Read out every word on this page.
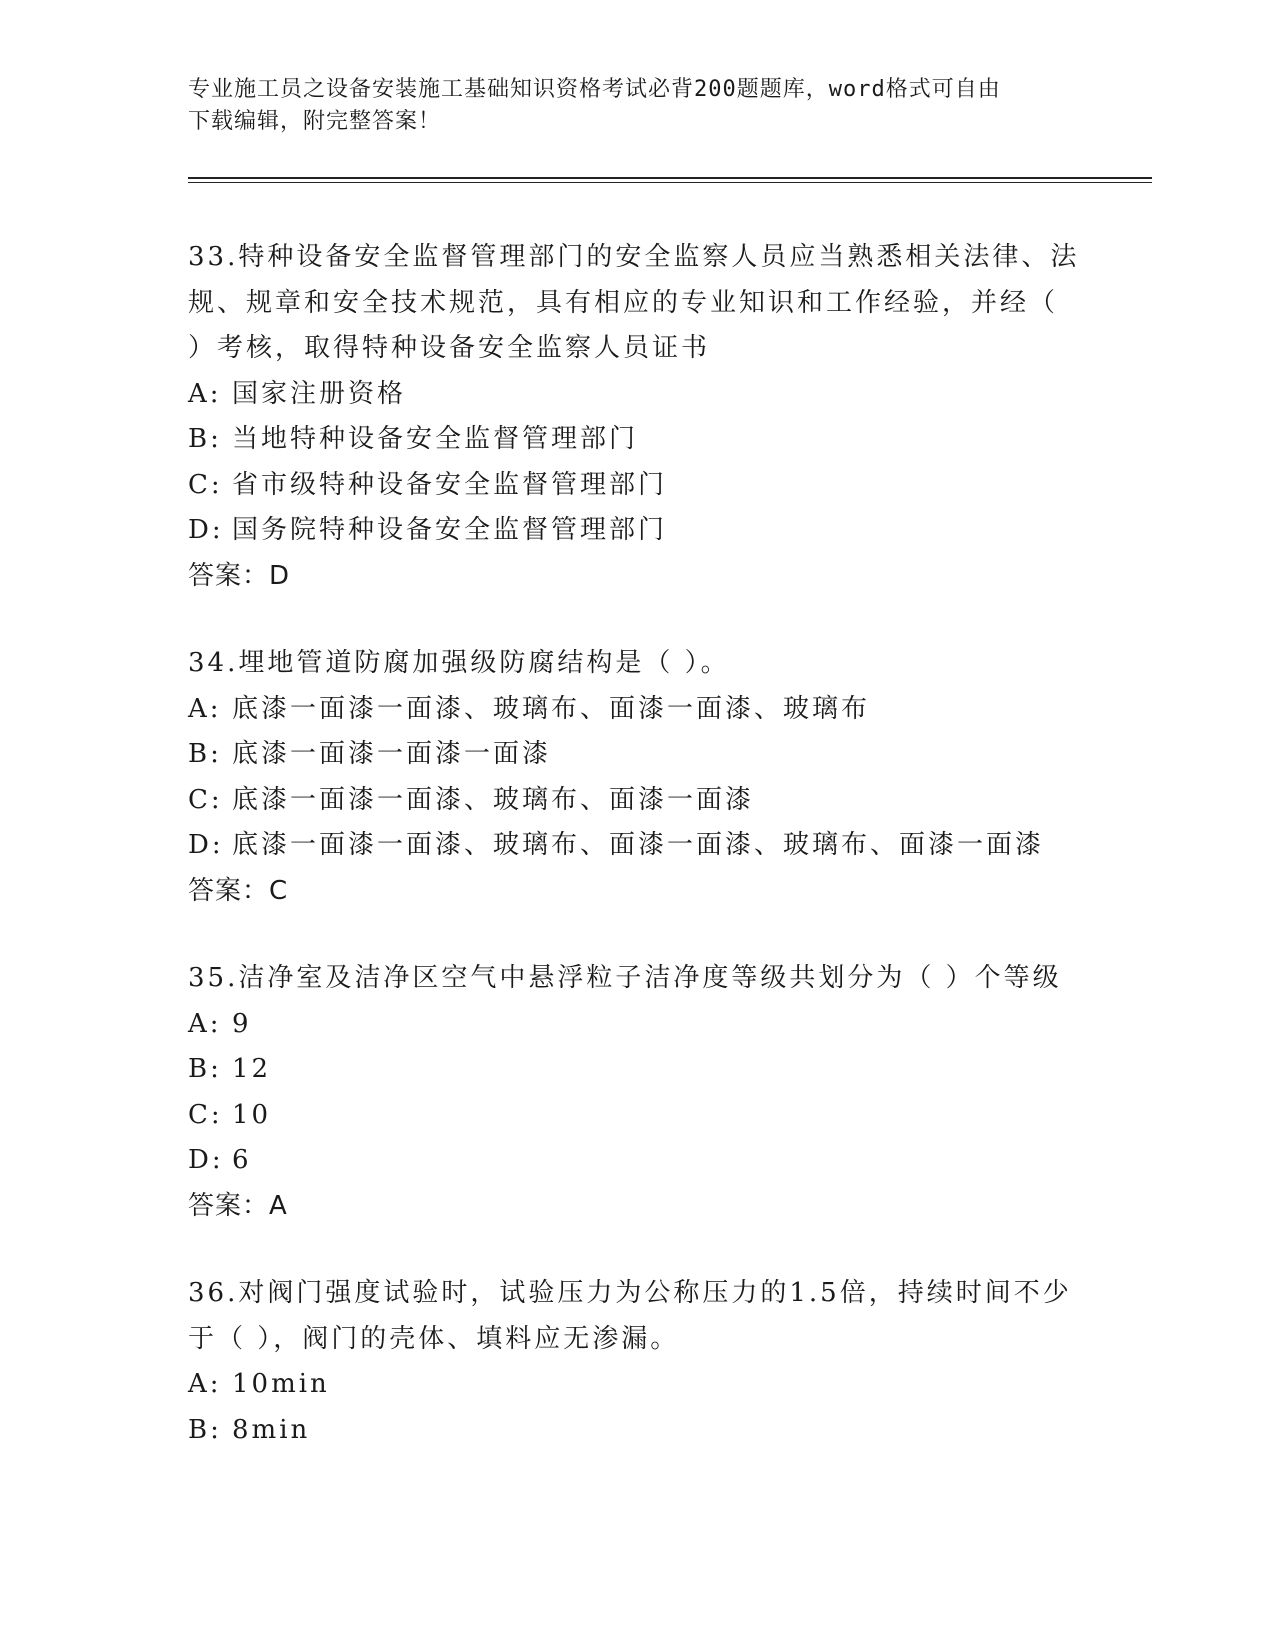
专业施工员之设备安装施工基础知识资格考试必背200题题库，word格式可自由
下载编辑，附完整答案！
33.特种设备安全监督管理部门的安全监察人员应当熟悉相关法律、法
规、规章和安全技术规范，具有相应的专业知识和工作经验，并经（
）考核，取得特种设备安全监察人员证书
A: 国家注册资格
B: 当地特种设备安全监督管理部门
C: 省市级特种设备安全监督管理部门
D: 国务院特种设备安全监督管理部门
答案：D
34.埋地管道防腐加强级防腐结构是（ ）。
A: 底漆一面漆一面漆、玻璃布、面漆一面漆、玻璃布
B: 底漆一面漆一面漆一面漆
C: 底漆一面漆一面漆、玻璃布、面漆一面漆
D: 底漆一面漆一面漆、玻璃布、面漆一面漆、玻璃布、面漆一面漆
答案：C
35.洁净室及洁净区空气中悬浮粒子洁净度等级共划分为（ ）个等级
A: 9
B: 12
C: 10
D: 6
答案：A
36.对阀门强度试验时，试验压力为公称压力的1.5倍，持续时间不少
于（ ），阀门的壳体、填料应无渗漏。
A: 10min
B: 8min
